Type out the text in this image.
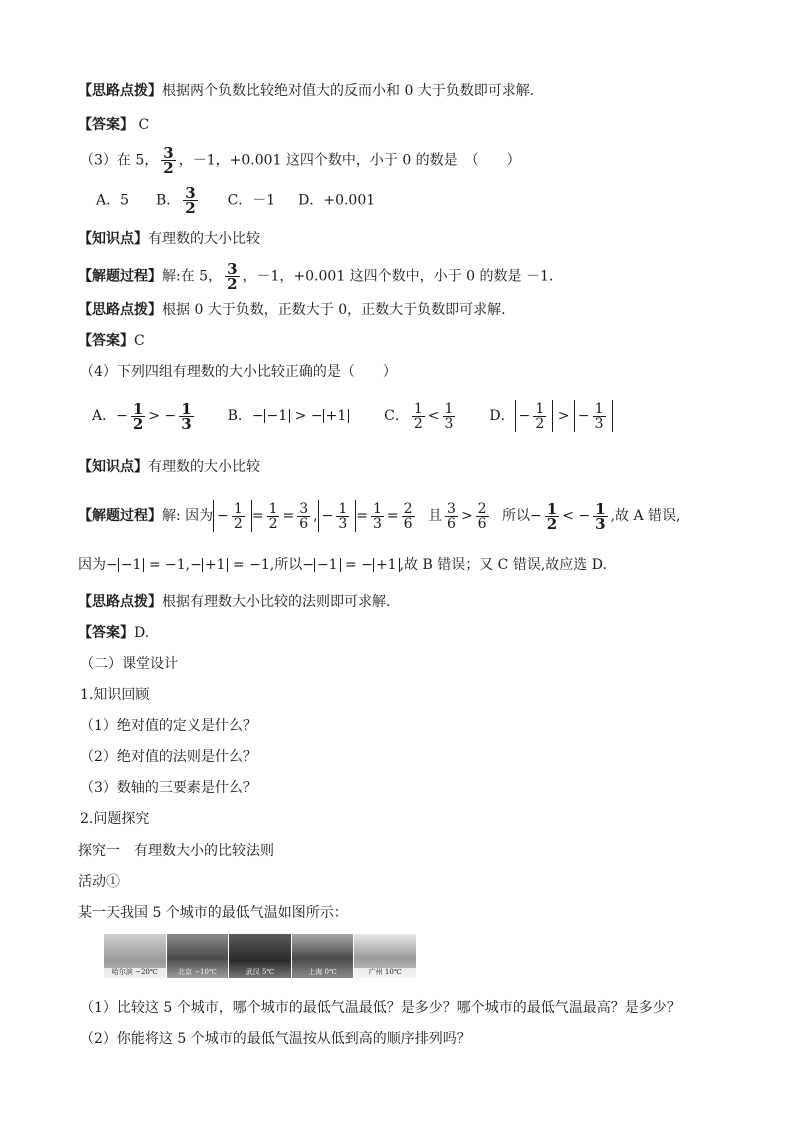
【思路点拨】根据两个负数比较绝对值大的反而小和 0 大于负数即可求解.
【答案】 C
（3）在 5， $\frac{3}{2}$ ，－1，+0.001 这四个数中，小于 0 的数是　（　　）
A．5 B． $\frac{3}{2}$ C．－1 D．+0.001
【知识点】有理数的大小比较
【解题过程】解:在 5， $\frac{3}{2}$ ，－1，+0.001 这四个数中，小于 0 的数是 －1.
【思路点拨】根据 0 大于负数，正数大于 0，正数大于负数即可求解.
【答案】C
（4）下列四组有理数的大小比较正确的是（　　）
A．− $\frac{1}{2}$ > − $\frac{1}{3}$ B．− −1 > − +1	C． $\frac{1}{2} < \frac{1}{3}$ D． − $\frac{1}{2}$ > − $\frac{1}{3}$
【知识点】有理数的大小比较
【解题过程】解: 因为 − $\frac{1}{2} = \frac{1}{2} = \frac{3}{6}$ , − $\frac{1}{3} = \frac{1}{3} = \frac{2}{6}$ 且 $\frac{3}{6} > \frac{2}{6}$ 所以− $\frac{1}{2}$ < − $\frac{1}{3}$ ,故 A 错误,
因为− −1 = −1,− +1 = −1,所以− −1 = − +1 ,故 B 错误；又 C 错误,故应选 D.
【思路点拨】根据有理数大小比较的法则即可求解.
【答案】D.
（二）课堂设计
1.知识回顾
（1）绝对值的定义是什么？
（2）绝对值的法则是什么？
（3）数轴的三要素是什么？
2.问题探究
探究一　有理数大小的比较法则
活动①
某一天我国 5 个城市的最低气温如图所示：
哈尔滨 −20℃	北京 −10℃	武汉 5℃	上海 0℃	广州 10℃
（1）比较这 5 个城市，哪个城市的最低气温最低？是多少？哪个城市的最低气温最高？是多少？
（2）你能将这 5 个城市的最低气温按从低到高的顺序排列吗？
